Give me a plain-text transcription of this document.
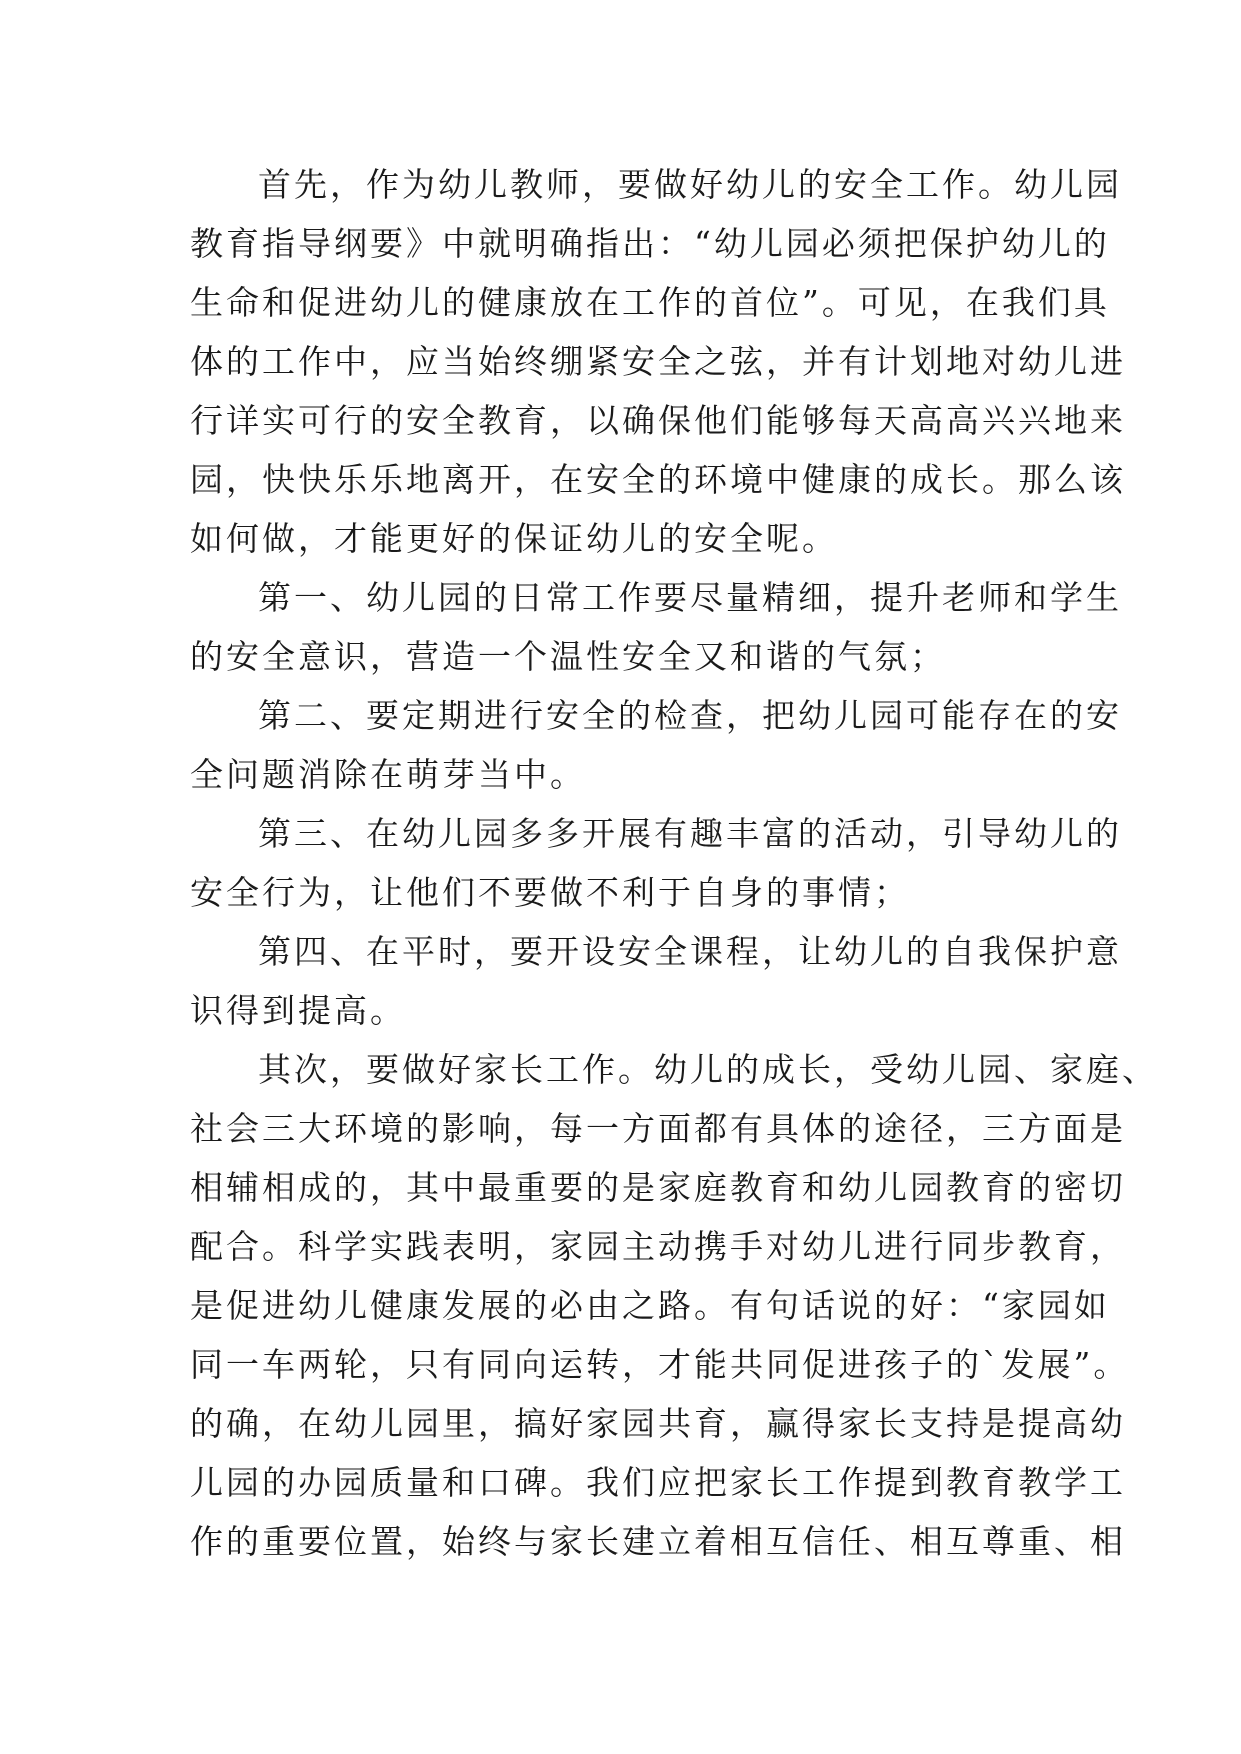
首先，作为幼儿教师，要做好幼儿的安全工作。幼儿园
教育指导纲要》中就明确指出：“幼儿园必须把保护幼儿的
生命和促进幼儿的健康放在工作的首位”。可见，在我们具
体的工作中，应当始终绷紧安全之弦，并有计划地对幼儿进
行详实可行的安全教育，以确保他们能够每天高高兴兴地来
园，快快乐乐地离开，在安全的环境中健康的成长。那么该
如何做，才能更好的保证幼儿的安全呢。
第一、幼儿园的日常工作要尽量精细，提升老师和学生
的安全意识，营造一个温性安全又和谐的气氛；
第二、要定期进行安全的检查，把幼儿园可能存在的安
全问题消除在萌芽当中。
第三、在幼儿园多多开展有趣丰富的活动，引导幼儿的
安全行为，让他们不要做不利于自身的事情；
第四、在平时，要开设安全课程，让幼儿的自我保护意
识得到提高。
其次，要做好家长工作。幼儿的成长，受幼儿园、家庭、
社会三大环境的影响，每一方面都有具体的途径，三方面是
相辅相成的，其中最重要的是家庭教育和幼儿园教育的密切
配合。科学实践表明，家园主动携手对幼儿进行同步教育，
是促进幼儿健康发展的必由之路。有句话说的好：“家园如
同一车两轮，只有同向运转，才能共同促进孩子的`发展”。
的确，在幼儿园里，搞好家园共育，赢得家长支持是提高幼
儿园的办园质量和口碑。我们应把家长工作提到教育教学工
作的重要位置，始终与家长建立着相互信任、相互尊重、相
